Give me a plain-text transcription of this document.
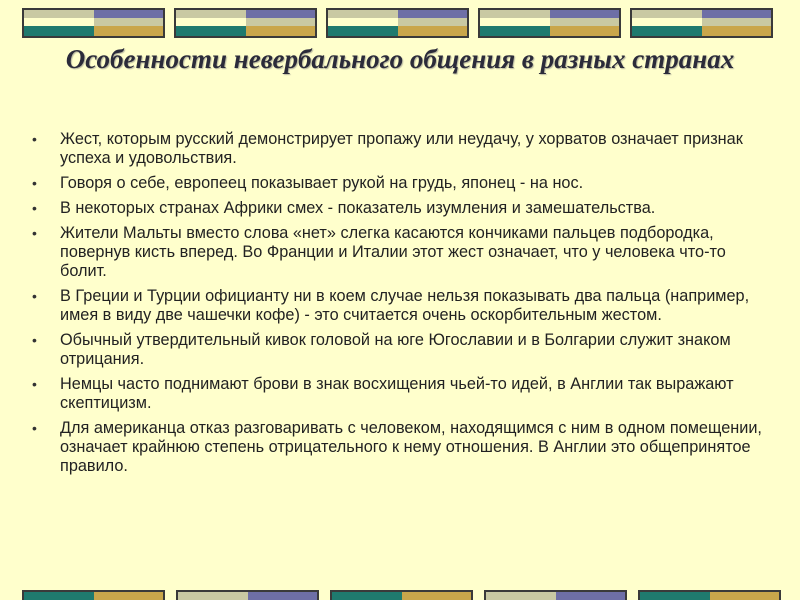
Особенности невербального общения в разных странах
• Жест, которым русский демонстрирует пропажу или неудачу, у хорватов означает признак успеха и удовольствия.
• Говоря о себе, европеец показывает рукой на грудь, японец - на нос.
• В некоторых странах Африки смех - показатель изумления и замешательства.
• Жители Мальты вместо слова «нет» слегка касаются кончиками пальцев подбородка, повернув кисть вперед. Во Франции и Италии этот жест означает, что у человека что-то болит.
• В Греции и Турции официанту ни в коем случае нельзя показывать два пальца (например, имея в виду две чашечки кофе) - это считается очень оскорбительным жестом.
• Обычный утвердительный кивок головой на юге Югославии и в Болгарии служит знаком отрицания.
• Немцы часто поднимают брови в знак восхищения чьей-то идей, в Англии так выражают скептицизм.
• Для американца отказ разговаривать с человеком, находящимся с ним в одном помещении, означает крайнюю степень отрицательного к нему отношения. В Англии это общепринятое правило.
